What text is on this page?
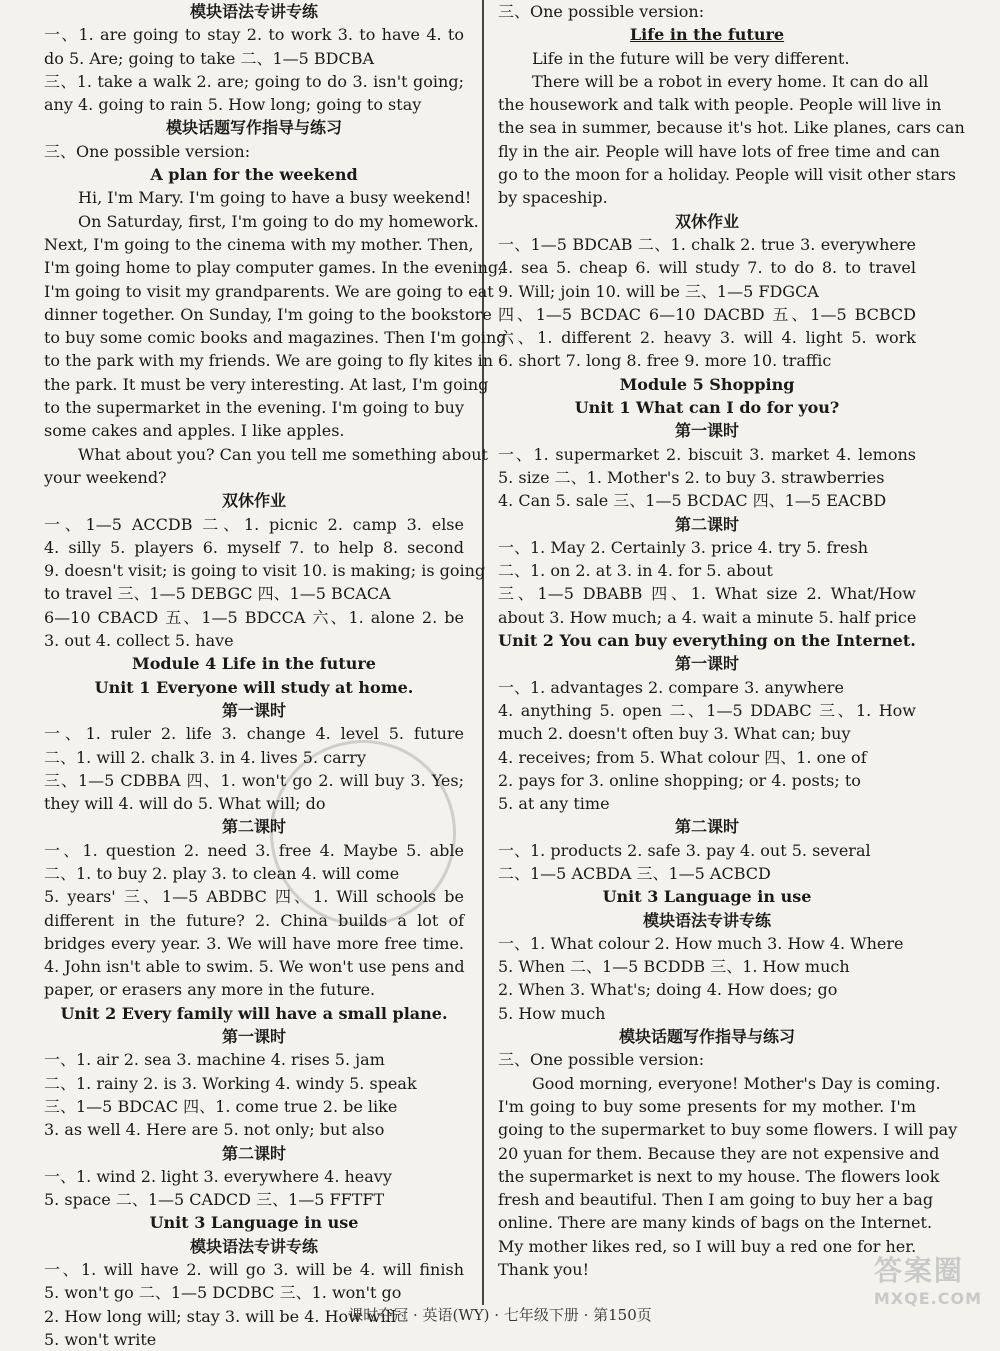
模块语法专讲专练
一、1. are going to stay 2. to work 3. to have 4. to
do 5. Are; going to take 二、1—5 BDCBA
三、1. take a walk 2. are; going to do 3. isn't going;
any 4. going to rain 5. How long; going to stay
模块话题写作指导与练习
三、One possible version:
A plan for the weekend
Hi, I'm Mary. I'm going to have a busy weekend!
On Saturday, first, I'm going to do my homework.
Next, I'm going to the cinema with my mother. Then,
I'm going home to play computer games. In the evening,
I'm going to visit my grandparents. We are going to eat
dinner together. On Sunday, I'm going to the bookstore
to buy some comic books and magazines. Then I'm going
to the park with my friends. We are going to fly kites in
the park. It must be very interesting. At last, I'm going
to the supermarket in the evening. I'm going to buy
some cakes and apples. I like apples.
What about you? Can you tell me something about
your weekend?
双休作业
一、1—5 ACCDB 二、1. picnic 2. camp 3. else
4. silly 5. players 6. myself 7. to help 8. second
9. doesn't visit; is going to visit 10. is making; is going
to travel 三、1—5 DEBGC 四、1—5 BCACA
6—10 CBACD 五、1—5 BDCCA 六、1. alone 2. be
3. out 4. collect 5. have
Module 4 Life in the future
Unit 1 Everyone will study at home.
第一课时
一、1. ruler 2. life 3. change 4. level 5. future
二、1. will 2. chalk 3. in 4. lives 5. carry
三、1—5 CDBBA 四、1. won't go 2. will buy 3. Yes;
they will 4. will do 5. What will; do
第二课时
一、1. question 2. need 3. free 4. Maybe 5. able
二、1. to buy 2. play 3. to clean 4. will come
5. years' 三、1—5 ABDBC 四、1. Will schools be
different in the future? 2. China builds a lot of
bridges every year. 3. We will have more free time.
4. John isn't able to swim. 5. We won't use pens and
paper, or erasers any more in the future.
Unit 2 Every family will have a small plane.
第一课时
一、1. air 2. sea 3. machine 4. rises 5. jam
二、1. rainy 2. is 3. Working 4. windy 5. speak
三、1—5 BDCAC 四、1. come true 2. be like
3. as well 4. Here are 5. not only; but also
第二课时
一、1. wind 2. light 3. everywhere 4. heavy
5. space 二、1—5 CADCD 三、1—5 FFTFT
Unit 3 Language in use
模块语法专讲专练
一、1. will have 2. will go 3. will be 4. will finish
5. won't go 二、1—5 DCDBC 三、1. won't go
2. How long will; stay 3. will be 4. How will
5. won't write
三、One possible version:
Life in the future
Life in the future will be very different.
There will be a robot in every home. It can do all
the housework and talk with people. People will live in
the sea in summer, because it's hot. Like planes, cars can
fly in the air. People will have lots of free time and can
go to the moon for a holiday. People will visit other stars
by spaceship.
双休作业
一、1—5 BDCAB 二、1. chalk 2. true 3. everywhere
4. sea 5. cheap 6. will study 7. to do 8. to travel
9. Will; join 10. will be 三、1—5 FDGCA
四、1—5 BCDAC 6—10 DACBD 五、1—5 BCBCD
六、1. different 2. heavy 3. will 4. light 5. work
6. short 7. long 8. free 9. more 10. traffic
Module 5 Shopping
Unit 1 What can I do for you?
第一课时
一、1. supermarket 2. biscuit 3. market 4. lemons
5. size 二、1. Mother's 2. to buy 3. strawberries
4. Can 5. sale 三、1—5 BCDAC 四、1—5 EACBD
第二课时
一、1. May 2. Certainly 3. price 4. try 5. fresh
二、1. on 2. at 3. in 4. for 5. about
三、1—5 DBABB 四、1. What size 2. What/How
about 3. How much; a 4. wait a minute 5. half price
Unit 2 You can buy everything on the Internet.
第一课时
一、1. advantages 2. compare 3. anywhere
4. anything 5. open 二、1—5 DDABC 三、1. How
much 2. doesn't often buy 3. What can; buy
4. receives; from 5. What colour 四、1. one of
2. pays for 3. online shopping; or 4. posts; to
5. at any time
第二课时
一、1. products 2. safe 3. pay 4. out 5. several
二、1—5 ACBDA 三、1—5 ACBCD
Unit 3 Language in use
模块语法专讲专练
一、1. What colour 2. How much 3. How 4. Where
5. When 二、1—5 BCDDB 三、1. How much
2. When 3. What's; doing 4. How does; go
5. How much
模块话题写作指导与练习
三、One possible version:
Good morning, everyone! Mother's Day is coming.
I'm going to buy some presents for my mother. I'm
going to the supermarket to buy some flowers. I will pay
20 yuan for them. Because they are not expensive and
the supermarket is next to my house. The flowers look
fresh and beautiful. Then I am going to buy her a bag
online. There are many kinds of bags on the Internet.
My mother likes red, so I will buy a red one for her.
Thank you!
课时夺冠 · 英语(WY) · 七年级下册 · 第150页
答案圈
MXQE.COM
